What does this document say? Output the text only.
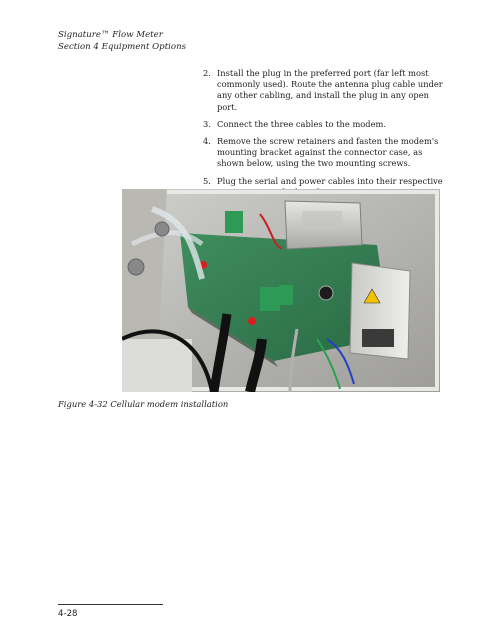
Signature™ Flow Meter
Section 4 Equipment Options
2. Install the plug in the preferred port (far left most commonly used). Route the antenna plug cable under any other cabling, and install the plug in any open port.
3. Connect the three cables to the modem.
4. Remove the screw retainers and fasten the modem's mounting bracket against the connector case, as shown below, using the two mounting screws.
5. Plug the serial and power cables into their respective
Figure 4-32 Cellular modem installation
4-28
